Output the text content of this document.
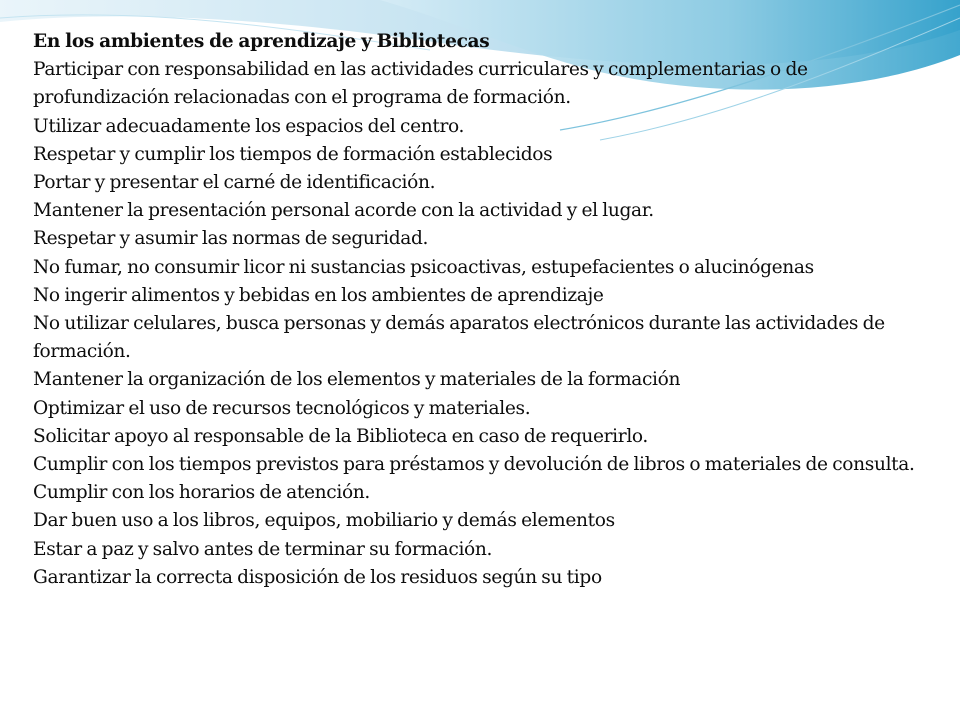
En los ambientes de aprendizaje y Bibliotecas
Participar con responsabilidad en las actividades curriculares y complementarias o de profundización relacionadas con el programa de formación.
Utilizar adecuadamente los espacios del centro.
Respetar y cumplir los tiempos de formación establecidos
Portar y presentar el carné de identificación.
Mantener la presentación personal acorde con la actividad y el lugar.
Respetar y asumir las normas de seguridad.
No fumar, no consumir licor ni sustancias psicoactivas, estupefacientes o alucinógenas
No ingerir alimentos y bebidas en los ambientes de aprendizaje
No utilizar celulares, busca personas y demás aparatos electrónicos durante las actividades de formación.
Mantener la organización de los elementos y materiales de la formación
Optimizar el uso de recursos tecnológicos y materiales.
Solicitar apoyo al responsable de la Biblioteca en caso de requerirlo.
Cumplir con los tiempos previstos para préstamos y devolución de libros o materiales de consulta.
Cumplir con los horarios de atención.
Dar buen uso a los libros, equipos, mobiliario y demás elementos
Estar a paz y salvo antes de terminar su formación.
Garantizar la correcta disposición de los residuos según su tipo
